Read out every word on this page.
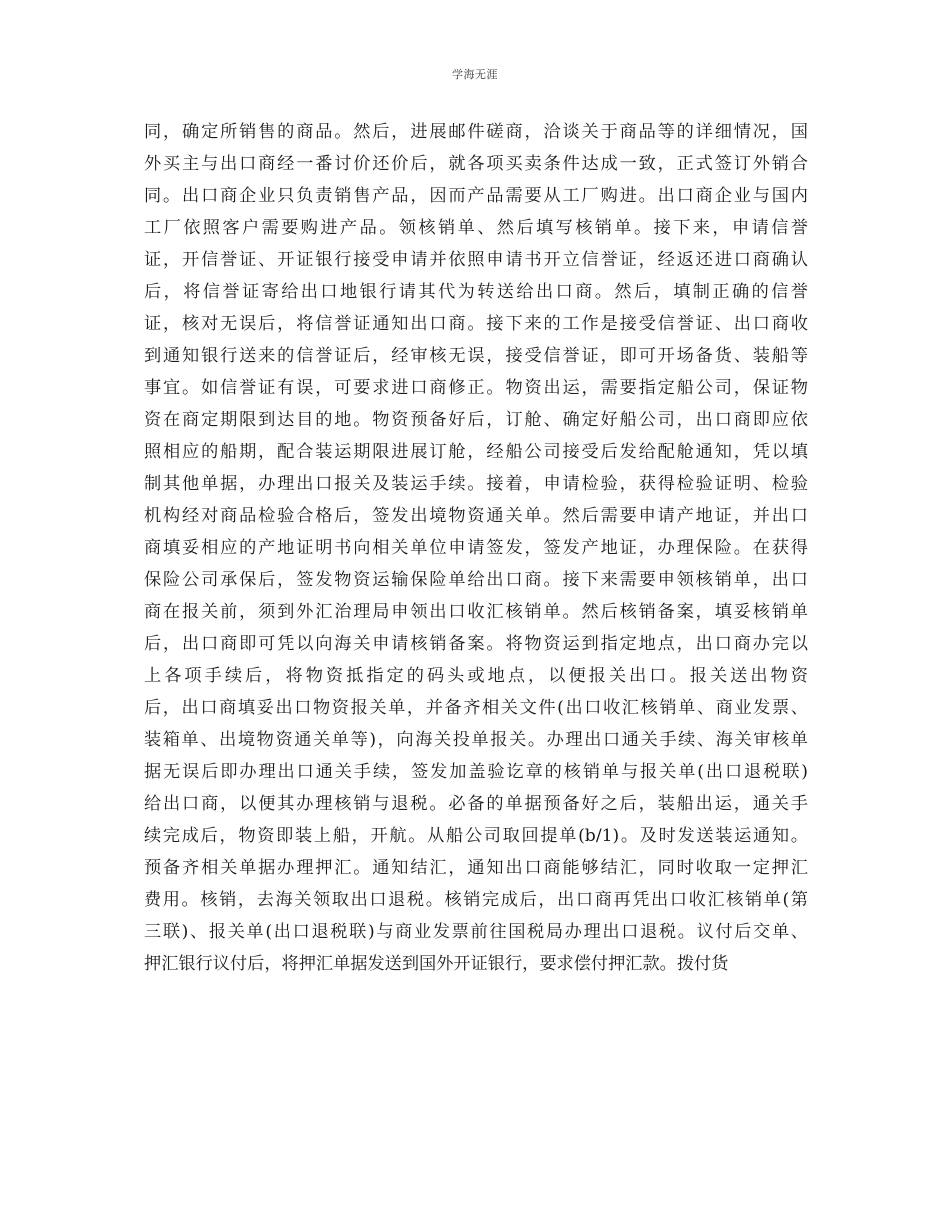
学海无涯
同，确定所销售的商品。然后，进展邮件磋商，洽谈关于商品等的详细情况，国
外买主与出口商经一番讨价还价后，就各项买卖条件达成一致，正式签订外销合
同。出口商企业只负责销售产品，因而产品需要从工厂购进。出口商企业与国内
工厂依照客户需要购进产品。领核销单、然后填写核销单。接下来，申请信誉
证，开信誉证、开证银行接受申请并依照申请书开立信誉证，经返还进口商确认
后，将信誉证寄给出口地银行请其代为转送给出口商。然后，填制正确的信誉
证，核对无误后，将信誉证通知出口商。接下来的工作是接受信誉证、出口商收
到通知银行送来的信誉证后，经审核无误，接受信誉证，即可开场备货、装船等
事宜。如信誉证有误，可要求进口商修正。物资出运，需要指定船公司，保证物
资在商定期限到达目的地。物资预备好后，订舱、确定好船公司，出口商即应依
照相应的船期，配合装运期限进展订舱，经船公司接受后发给配舱通知，凭以填
制其他单据，办理出口报关及装运手续。接着，申请检验，获得检验证明、检验
机构经对商品检验合格后，签发出境物资通关单。然后需要申请产地证，并出口
商填妥相应的产地证明书向相关单位申请签发，签发产地证，办理保险。在获得
保险公司承保后，签发物资运输保险单给出口商。接下来需要申领核销单，出口
商在报关前，须到外汇治理局申领出口收汇核销单。然后核销备案，填妥核销单
后，出口商即可凭以向海关申请核销备案。将物资运到指定地点，出口商办完以
上各项手续后，将物资抵指定的码头或地点，以便报关出口。报关送出物资
后，出口商填妥出口物资报关单，并备齐相关文件(出口收汇核销单、商业发票、
装箱单、出境物资通关单等)，向海关投单报关。办理出口通关手续、海关审核单
据无误后即办理出口通关手续，签发加盖验讫章的核销单与报关单(出口退税联)
给出口商，以便其办理核销与退税。必备的单据预备好之后，装船出运，通关手
续完成后，物资即装上船，开航。从船公司取回提单(b/1)。及时发送装运通知。
预备齐相关单据办理押汇。通知结汇，通知出口商能够结汇，同时收取一定押汇
费用。核销，去海关领取出口退税。核销完成后，出口商再凭出口收汇核销单(第
三联)、报关单(出口退税联)与商业发票前往国税局办理出口退税。议付后交单、
押汇银行议付后，将押汇单据发送到国外开证银行，要求偿付押汇款。拨付货
